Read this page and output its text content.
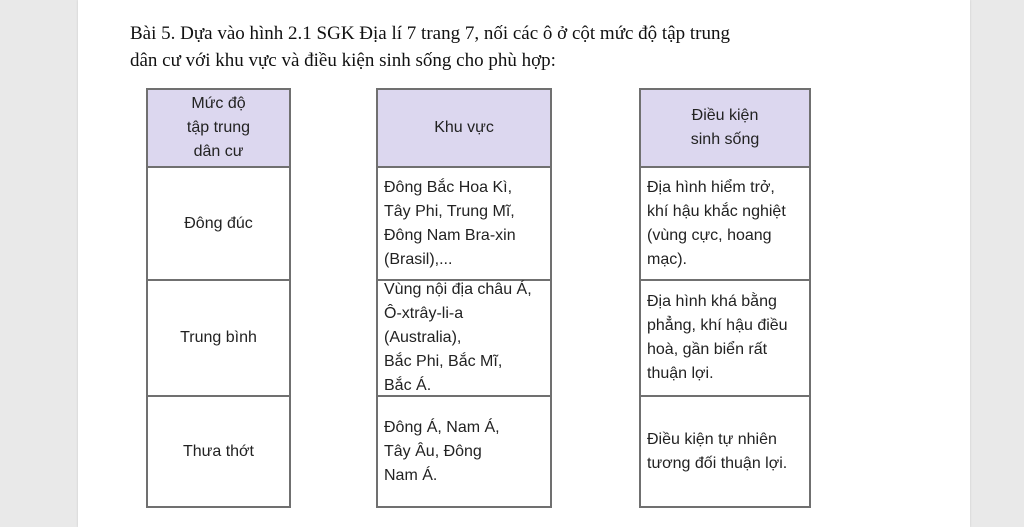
Bài 5. Dựa vào hình 2.1 SGK Địa lí 7 trang 7, nối các ô ở cột mức độ tập trung
dân cư với khu vực và điều kiện sinh sống cho phù hợp:
Mức độ
tập trung
dân cư
Đông đúc
Trung bình
Thưa thớt
Khu vực
Đông Bắc Hoa Kì,
Tây Phi, Trung Mĩ,
Đông Nam Bra-xin
(Brasil),...
Vùng nội địa châu Á,
Ô-xtrây-li-a (Australia),
Bắc Phi, Bắc Mĩ,
Bắc Á.
Đông Á, Nam Á,
Tây Âu, Đông
Nam Á.
Điều kiện
sinh sống
Địa hình hiểm trở,
khí hậu khắc nghiệt
(vùng cực, hoang
mạc).
Địa hình khá bằng
phẳng, khí hậu điều
hoà, gần biển rất
thuận lợi.
Điều kiện tự nhiên
tương đối thuận lợi.
